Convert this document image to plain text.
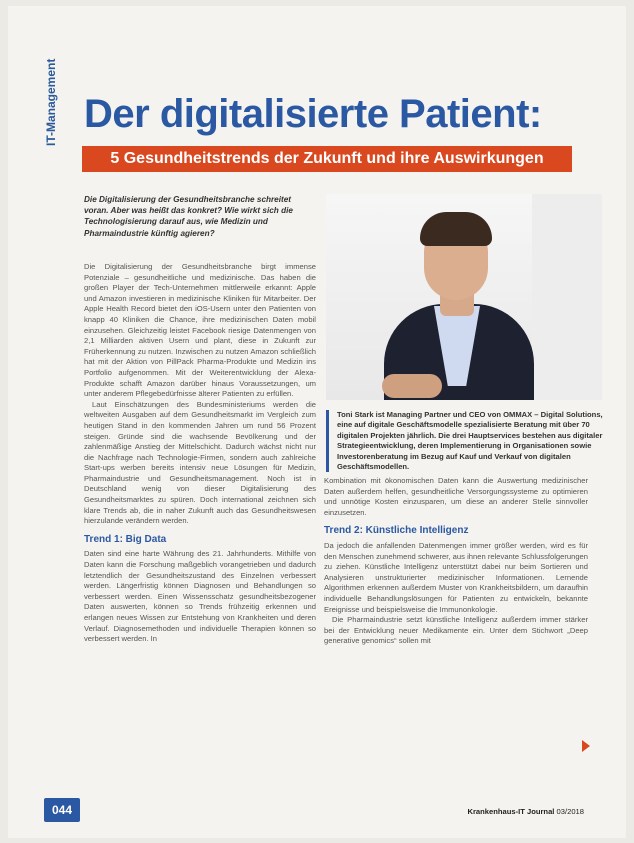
IT-Management Der digitalisierte Patient:
5 Gesundheitstrends der Zukunft und ihre Auswirkungen
Die Digitalisierung der Gesundheitsbranche schreitet voran. Aber was heißt das konkret? Wie wirkt sich die Technologisierung darauf aus, wie Medizin und Pharmaindustrie künftig agieren?

Die Digitalisierung der Gesundheitsbranche birgt immense Potenziale – gesundheitliche und medizinische. Das haben die großen Player der Tech-Unternehmen mittlerweile erkannt: Apple und Amazon investieren in medizinische Kliniken für Mitarbeiter. Der Apple Health Record bietet den iOS-Usern unter den Patienten von knapp 40 Kliniken die Chance, ihre medizinischen Daten mobil einzusehen. Gleichzeitig leistet Facebook riesige Datenmengen von 2,1 Milliarden aktiven Usern und plant, diese in Zukunft zur Früherkennung zu nutzen. Inzwischen zu nutzen Amazon schließlich hat mit der Aktion von PillPack Pharma-Produkte und Medizin ins Portfolio aufgenommen. Mit der Weiterentwicklung der Alexa-Produkte schafft Amazon darüber hinaus Voraussetzungen, um unter anderem Pflegebedürfnisse älterer Patienten zu erfüllen.

Laut Einschätzungen des Bundesministeriums werden die weltweiten Ausgaben auf dem Gesundheitsmarkt im Vergleich zum heutigen Stand in den kommenden Jahren um rund 56 Prozent steigen. Gründe sind die wachsende Bevölkerung und der zahlenmäßige Anstieg der Mittelschicht. Dadurch wächst nicht nur die Nachfrage nach Technologie-Firmen, sondern auch zahlreiche Start-ups werben bereits intensiv neue Lösungen für Medizin, Pharmaindustrie und Gesundheitsmanagement. Noch ist in Deutschland wenig von dieser Digitalisierung des Gesundheitsmarktes zu spüren. Doch international zeichnen sich klare Trends ab, die in naher Zukunft auch das Gesundheitswesen hierzulande verändern werden.

Trend 1: Big Data

Daten sind eine harte Währung des 21. Jahrhunderts. Mithilfe von Daten kann die Forschung maßgeblich vorangetrieben und dadurch letztendlich der Gesundheitszustand des Einzelnen verbessert werden. Längerfristig können Diagnosen und Behandlungen so verbessert werden. Einen Wissensschatz gesundheitsbezogener Daten auswerten, können so Trends frühzeitig erkennen und erlangen neues Wissen zur Entstehung von Krankheiten und deren Verlauf. Diagnosemethoden und individuelle Therapien können so verbessert werden. In

Toni Stark ist Managing Partner und CEO von OMMAX – Digital Solutions, eine auf digitale Geschäftsmodelle spezialisierte Beratung mit über 70 digitalen Projekten jährlich. Die drei Hauptservices bestehen aus digitaler Strategieentwicklung, deren Implementierung in Organisationen sowie Investorenberatung im Bezug auf Kauf und Verkauf von digitalen Geschäftsmodellen.

Kombination mit ökonomischen Daten kann die Auswertung medizinischer Daten außerdem helfen, gesundheitliche Versorgungssysteme zu optimieren und unnötige Kosten einzusparen, um diese an anderer Stelle sinnvoller einzusetzen.

Trend 2: Künstliche Intelligenz

Da jedoch die anfallenden Datenmengen immer größer werden, wird es für den Menschen zunehmend schwerer, aus ihnen relevante Schlussfolgerungen zu ziehen. Künstliche Intelligenz unterstützt dabei nur beim Sortieren und Analysieren unstrukturierter medizinischer Informationen. Lernende Algorithmen erkennen außerdem Muster von Krankheitsbildern, um daraufhin individuelle Behandlungslösungen für Patienten zu entwickeln, bekannte Ereignisse und beispielsweise die Immunonkologie.

Die Pharmaindustrie setzt künstliche Intelligenz außerdem immer stärker bei der Entwicklung neuer Medikamente ein. Unter dem Stichwort „Deep generative genomics“ sollen mit

044	Krankenhaus-IT Journal 03/2018
